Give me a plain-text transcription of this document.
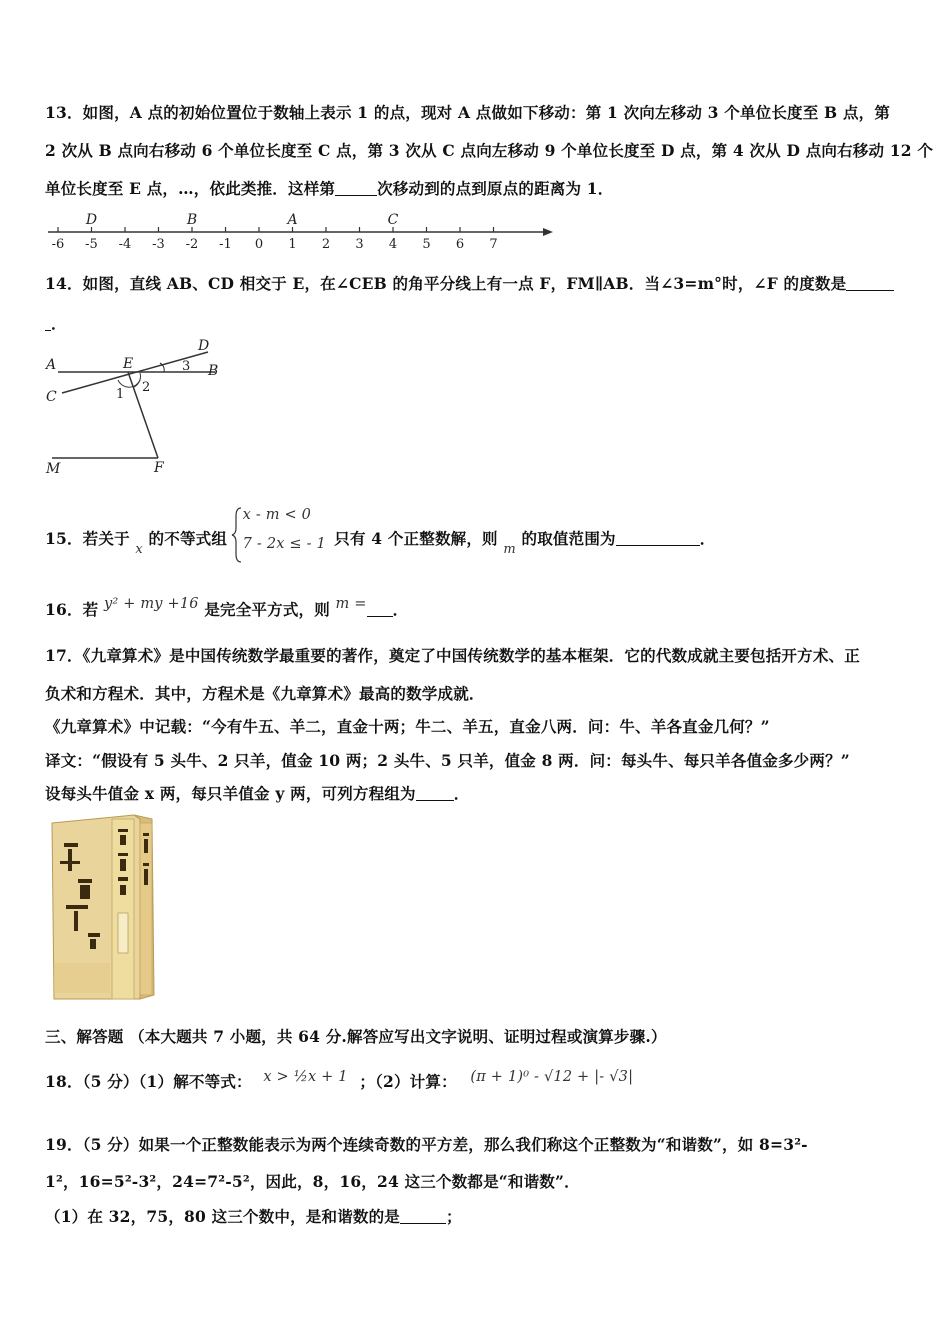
13．如图，A 点的初始位置位于数轴上表示 1 的点，现对 A 点做如下移动：第 1 次向左移动 3 个单位长度至 B 点，第
2 次从 B 点向右移动 6 个单位长度至 C 点，第 3 次从 C 点向左移动 9 个单位长度至 D 点，第 4 次从 D 点向右移动 12 个
单位长度至 E 点，…，依此类推．这样第	次移动到的点到原点的距离为 1．
-6 -5 -4 -3 -2 -1 0 1 2 3 4 5 6 7
D	B	A	C
14．如图，直线 AB、CD 相交于 E，在∠CEB 的角平分线上有一点 F，FM∥AB．当∠3=m°时，∠F 的度数是
．
A	B
C
D
E
M	F
1 2
3
15．若关于 $_x$ 的不等式组
x - m < 0
7 - 2x ≤ - 1 只有 4 个正整数解，则 $_m$ 的取值范围为	．
16．若 y² + my +16 是完全平方式，则 m = ．
17．《九章算术》是中国传统数学最重要的著作，奠定了中国传统数学的基本框架．它的代数成就主要包括开方术、正
负术和方程术．其中，方程术是《九章算术》最高的数学成就．
《九章算术》中记载：“今有牛五、羊二，直金十两；牛二、羊五，直金八两．问：牛、羊各直金几何？”
译文：“假设有 5 头牛、2 只羊，值金 10 两；2 头牛、5 只羊，值金 8 两．问：每头牛、每只羊各值金多少两？”
设每头牛值金 x 两，每只羊值金 y 两，可列方程组为 ．
三、解答题 （本大题共 7 小题，共 64 分.解答应写出文字说明、证明过程或演算步骤.）
18．（5 分）（1）解不等式： x > ½x + 1 ；（2）计算： (π + 1)⁰ - √12 + |- √3|
19．（5 分）如果一个正整数能表示为两个连续奇数的平方差，那么我们称这个正整数为“和谐数”，如 8=3²-
1²，16=5²-3²，24=7²-5²，因此，8，16，24 这三个数都是“和谐数”．
（1）在 32，75，80 这三个数中，是和谐数的是	；
